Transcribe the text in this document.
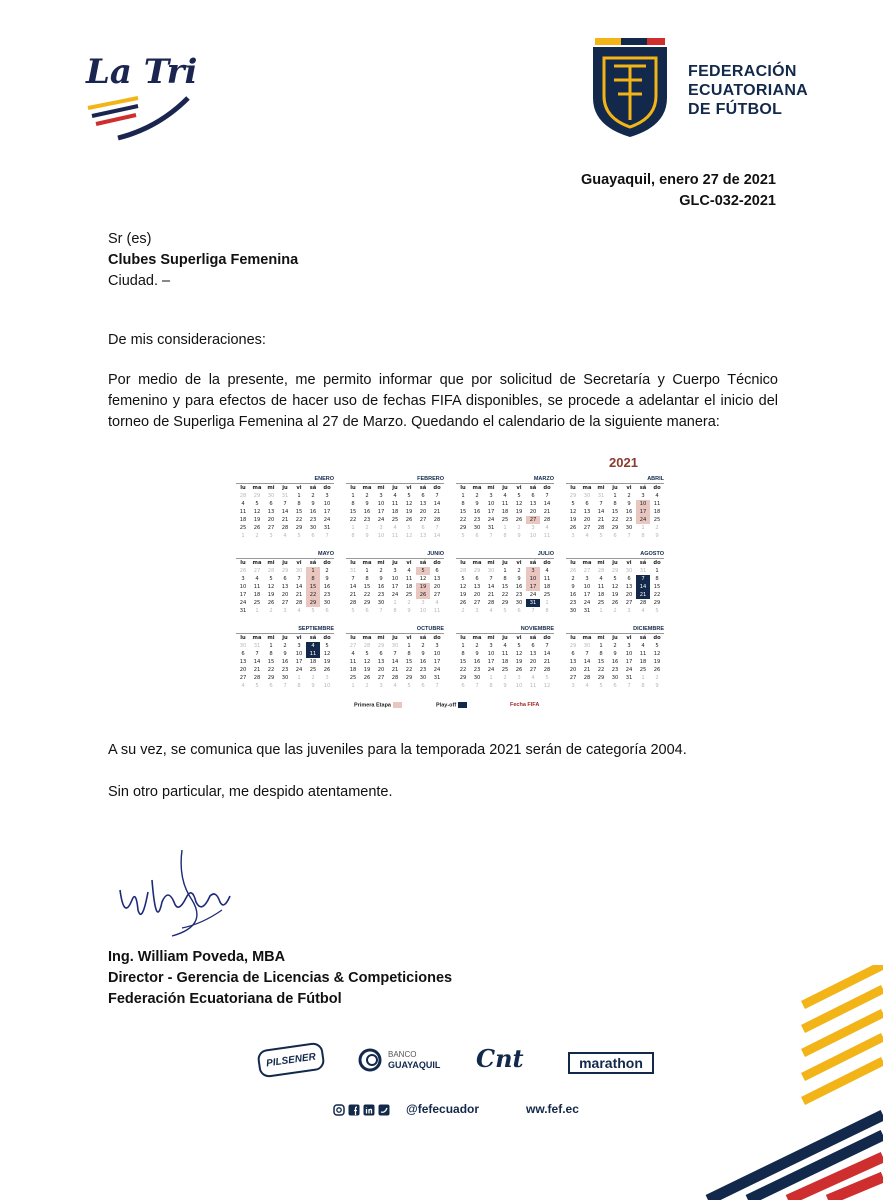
La Tri	FEDERACIÓN
ECUATORIANA
DE FÚTBOL
Guayaquil, enero 27 de 2021
GLC-032-2021
Sr (es)
Clubes Superliga Femenina
Ciudad. –
De mis consideraciones:
Por medio de la presente, me permito informar que por solicitud de Secretaría y Cuerpo Técnico femenino y para efectos de hacer uso de fechas FIFA disponibles, se procede a adelantar el inicio del torneo de Superliga Femenina al 27 de Marzo. Quedando el calendario de la siguiente manera:
2021
ENERO
lu	ma	mi	ju	vi	sá	do
28	29	30	31	1	2	3
4	5	6	7	8	9	10
11	12	13	14	15	16	17
18	19	20	21	22	23	24
25	26	27	28	29	30	31
1	2	3	4	5	6	7
FEBRERO
lu	ma	mi	ju	vi	sá	do
1	2	3	4	5	6	7
8	9	10	11	12	13	14
15	16	17	18	19	20	21
22	23	24	25	26	27	28
1	2	3	4	5	6	7
8	9	10	11	12	13	14
MARZO
lu	ma	mi	ju	vi	sá	do
1	2	3	4	5	6	7
8	9	10	11	12	13	14
15	16	17	18	19	20	21
22	23	24	25	26	27	28
29	30	31	1	2	3	4
5	6	7	8	9	10	11
ABRIL
lu	ma	mi	ju	vi	sá	do
29	30	31	1	2	3	4
5	6	7	8	9	10	11
12	13	14	15	16	17	18
19	20	21	22	23	24	25
26	27	28	29	30	1	2
3	4	5	6	7	8	9
MAYO
lu	ma	mi	ju	vi	sá	do
26	27	28	29	30	1	2
3	4	5	6	7	8	9
10	11	12	13	14	15	16
17	18	19	20	21	22	23
24	25	26	27	28	29	30
31	1	2	3	4	5	6
JUNIO
lu	ma	mi	ju	vi	sá	do
31	1	2	3	4	5	6
7	8	9	10	11	12	13
14	15	16	17	18	19	20
21	22	23	24	25	26	27
28	29	30	1	2	3	4
5	6	7	8	9	10	11
JULIO
lu	ma	mi	ju	vi	sá	do
28	29	30	1	2	3	4
5	6	7	8	9	10	11
12	13	14	15	16	17	18
19	20	21	22	23	24	25
26	27	28	29	30	31	1
2	3	4	5	6	7	8
AGOSTO
lu	ma	mi	ju	vi	sá	do
26	27	28	29	30	31	1
2	3	4	5	6	7	8
9	10	11	12	13	14	15
16	17	18	19	20	21	22
23	24	25	26	27	28	29
30	31	1	2	3	4	5
SEPTIEMBRE
lu	ma	mi	ju	vi	sá	do
30	31	1	2	3	4	5
6	7	8	9	10	11	12
13	14	15	16	17	18	19
20	21	22	23	24	25	26
27	28	29	30	1	2	3
4	5	6	7	8	9	10
OCTUBRE
lu	ma	mi	ju	vi	sá	do
27	28	29	30	1	2	3
4	5	6	7	8	9	10
11	12	13	14	15	16	17
18	19	20	21	22	23	24
25	26	27	28	29	30	31
1	2	3	4	5	6	7
NOVIEMBRE
lu	ma	mi	ju	vi	sá	do
1	2	3	4	5	6	7
8	9	10	11	12	13	14
15	16	17	18	19	20	21
22	23	24	25	26	27	28
29	30	1	2	3	4	5
6	7	8	9	10	11	12
DICIEMBRE
lu	ma	mi	ju	vi	sá	do
29	30	1	2	3	4	5
6	7	8	9	10	11	12
13	14	15	16	17	18	19
20	21	22	23	24	25	26
27	28	29	30	31	1	2
3	4	5	6	7	8	9
Primera Etapa	Play-off	Fecha FIFA
A su vez, se comunica que las juveniles para la temporada 2021 serán de categoría 2004.
Sin otro particular, me despido atentamente.
Ing. William Poveda, MBA
Director - Gerencia de Licencias & Competiciones
Federación Ecuatoriana de Fútbol
PILSENER	BANCO
GUAYAQUIL Cnt	marathon
@fefecuador	ww.fef.ec
